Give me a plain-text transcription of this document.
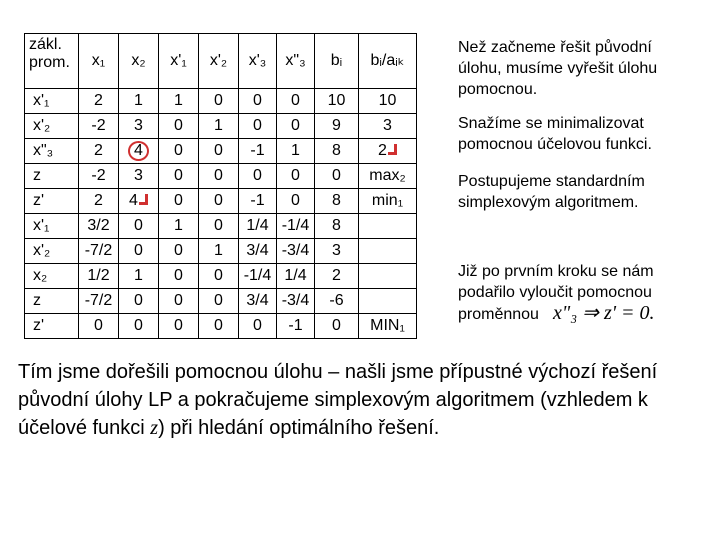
zákl.
prom.	x₁	x₂	x'₁	x'₂	x'₃	x"₃	bᵢ	bᵢ/aᵢₖ
x'₁	2	1	1	0	0	0	10	10
x'₂	-2	3	0	1	0	0	9	3
x"₃	2	4	0	0	-1	1	8	2
z	-2	3	0	0	0	0	0	max₂
z'	2	4	0	0	-1	0	8	min₁
x'₁	3/2	0	1	0	1/4	-1/4	8	
x'₂	-7/2	0	0	1	3/4	-3/4	3	
x₂	1/2	1	0	0	-1/4	1/4	2	
z	-7/2	0	0	0	3/4	-3/4	-6	
z'	0	0	0	0	0	-1	0	MIN₁
Než začneme řešit původní
úlohu, musíme vyřešit úlohu
pomocnou.
Snažíme se minimalizovat
pomocnou účelovou funkci.
Postupujeme standardním
simplexovým algoritmem.
Již po prvním kroku se nám
podařilo vyloučit pomocnou
proměnnou x"₃ ⇒ z' = 0.

Tím jsme dořešili pomocnou úlohu – našli jsme přípustné výchozí řešení původní úlohy LP a pokračujeme simplexovým algoritmem (vzhledem k účelové funkci z) při hledání optimálního řešení.
